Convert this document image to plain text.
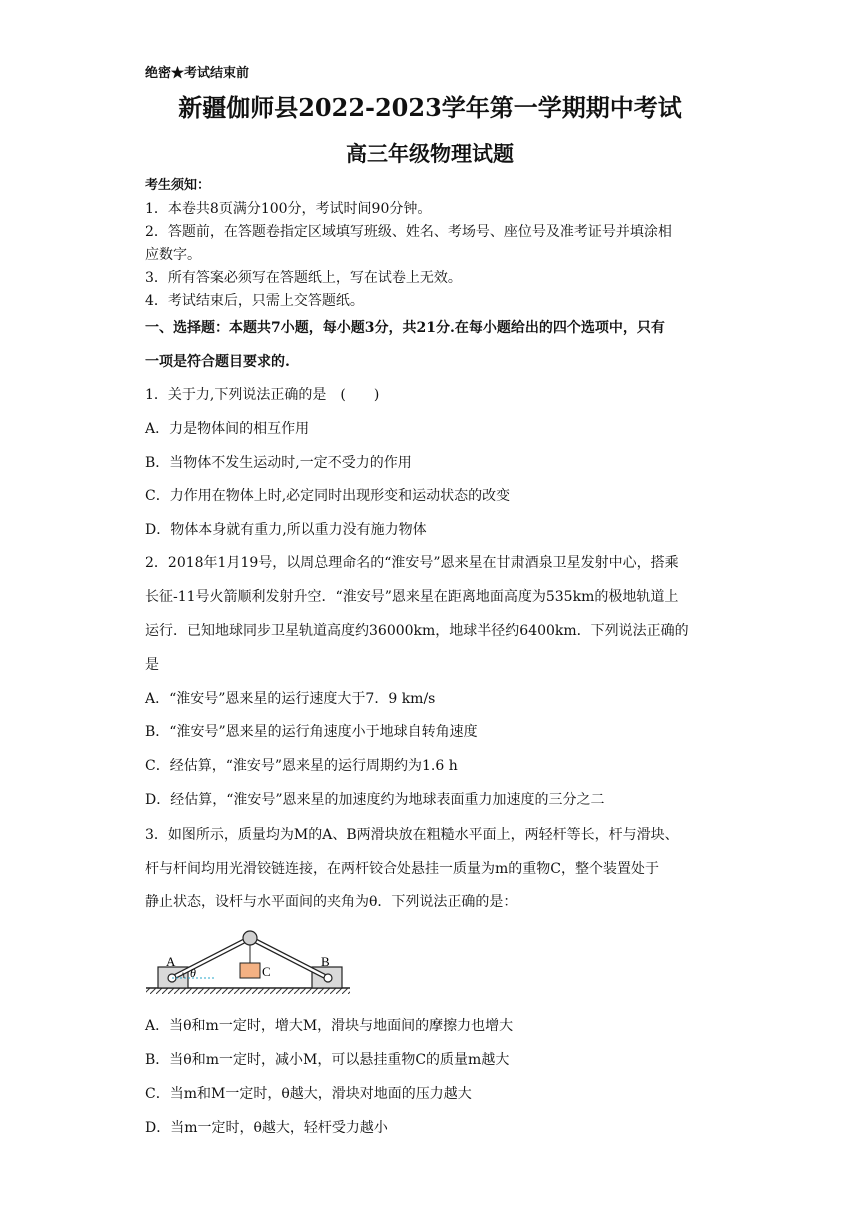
绝密★考试结束前
新疆伽师县2022-2023学年第一学期期中考试
高三年级物理试题
考生须知：
1．本卷共8页满分100分，考试时间90分钟。
2．答题前，在答题卷指定区域填写班级、姓名、考场号、座位号及准考证号并填涂相
应数字。
3．所有答案必须写在答题纸上，写在试卷上无效。
4．考试结束后，只需上交答题纸。
一、选择题：本题共7小题，每小题3分，共21分.在每小题给出的四个选项中，只有
一项是符合题目要求的.
1．关于力,下列说法正确的是　(　　)
A．力是物体间的相互作用
B．当物体不发生运动时,一定不受力的作用
C．力作用在物体上时,必定同时出现形变和运动状态的改变
D．物体本身就有重力,所以重力没有施力物体
2．2018年1月19号，以周总理命名的“淮安号”恩来星在甘肃酒泉卫星发射中心，搭乘
长征-11号火箭顺利发射升空．“淮安号”恩来星在距离地面高度为535km的极地轨道上
运行．已知地球同步卫星轨道高度约36000km，地球半径约6400km．下列说法正确的
是
A．“淮安号”恩来星的运行速度大于7．9 km/s
B．“淮安号”恩来星的运行角速度小于地球自转角速度
C．经估算，“淮安号”恩来星的运行周期约为1.6 h
D．经估算，“淮安号”恩来星的加速度约为地球表面重力加速度的三分之二
3．如图所示，质量均为M的A、B两滑块放在粗糙水平面上，两轻杆等长，杆与滑块、
杆与杆间均用光滑铰链连接，在两杆铰合处悬挂一质量为m的重物C，整个装置处于
静止状态，设杆与水平面间的夹角为θ．下列说法正确的是：
A	B
C
θ
A．当θ和m一定时，增大M，滑块与地面间的摩擦力也增大
B．当θ和m一定时，减小M，可以悬挂重物C的质量m越大
C．当m和M一定时，θ越大，滑块对地面的压力越大
D．当m一定时，θ越大，轻杆受力越小
